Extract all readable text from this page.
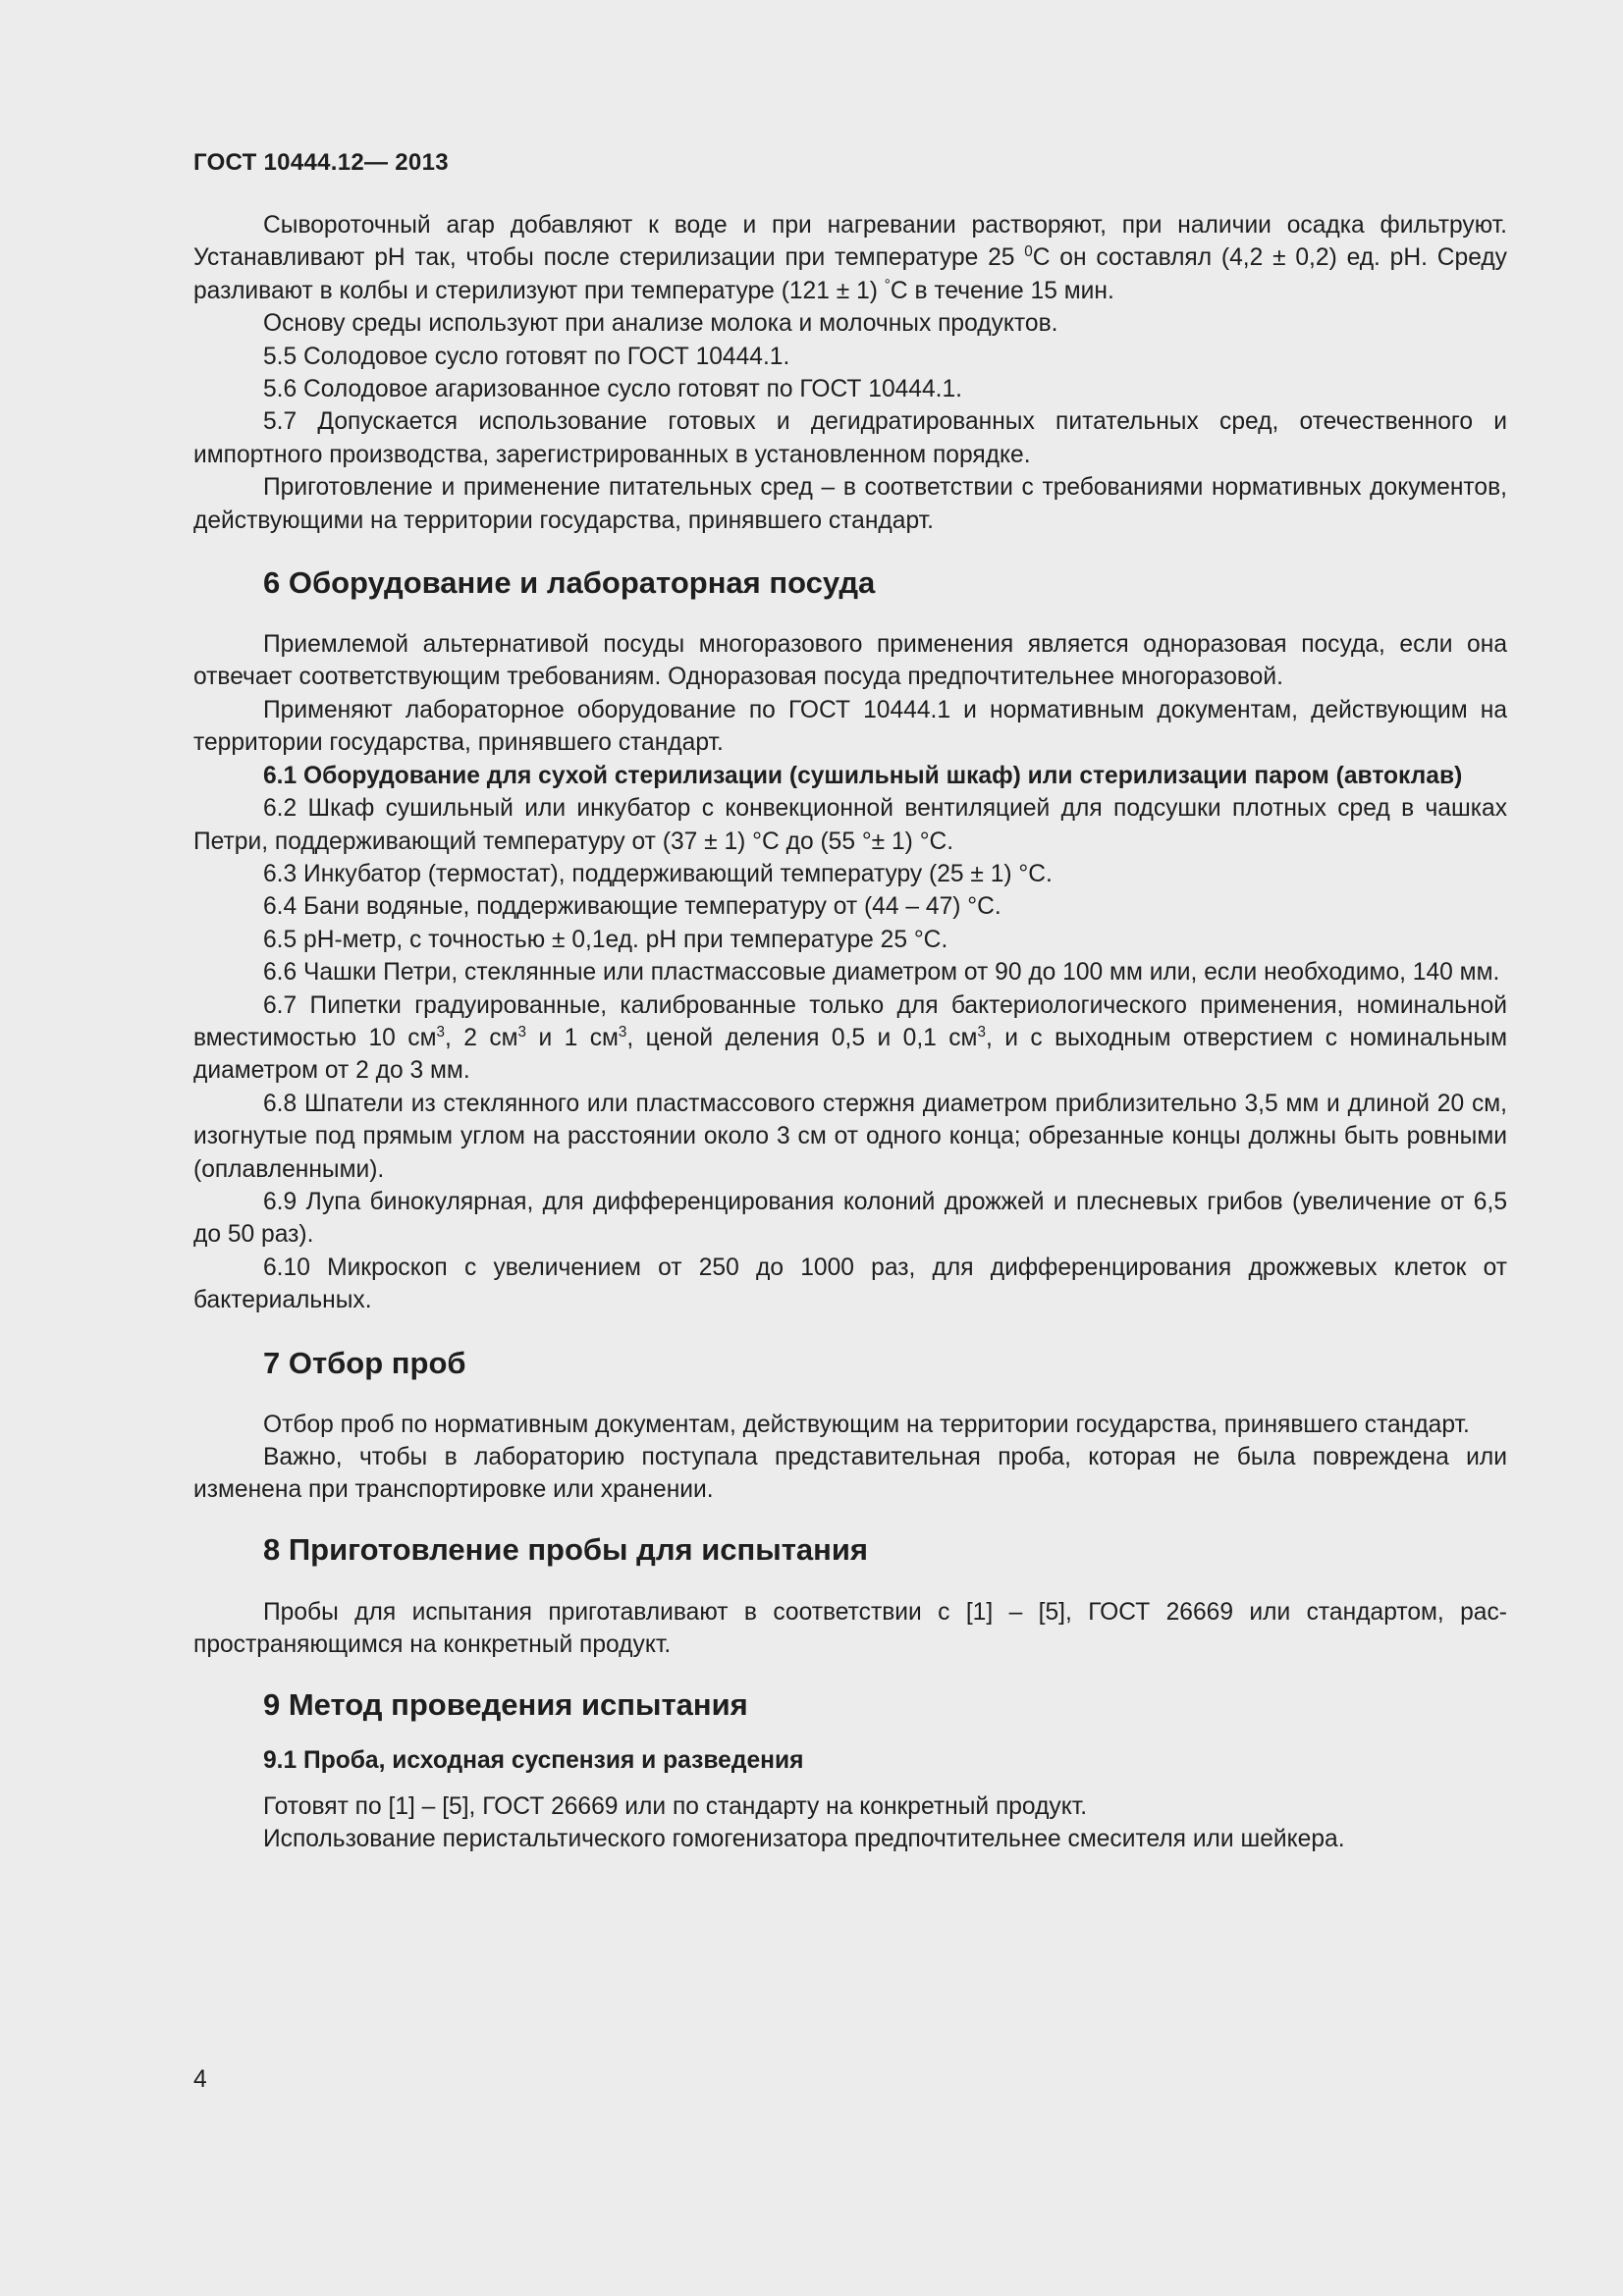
ГОСТ 10444.12— 2013

Сывороточный агар добавляют к воде и при нагревании растворяют, при наличии осадка фильтруют. Устанавливают рН так, чтобы после стерилизации при температуре 25 $^0$С он составлял (4,2 ± 0,2) ед. рН. Среду разливают в колбы и стерилизуют при температуре (121 ± 1) °С в течение 15 мин.

Основу среды используют при анализе молока и молочных продуктов.

5.5 Солодовое сусло готовят по ГОСТ 10444.1.

5.6 Солодовое агаризованное сусло готовят по ГОСТ 10444.1.

5.7 Допускается использование готовых и дегидратированных питательных сред, отечественного и импортного производства, зарегистрированных в установленном порядке.

Приготовление и применение питательных сред – в соответствии с требованиями нормативных документов, действующими на территории государства, принявшего стандарт.

6 Оборудование и лабораторная посуда

Приемлемой альтернативой посуды многоразового применения является одноразовая посуда, если она отвечает соответствующим требованиям. Одноразовая посуда предпочтительнее многоразовой.

Применяют лабораторное оборудование по ГОСТ 10444.1 и нормативным документам, действующим на территории государства, принявшего стандарт.

6.1 Оборудование для сухой стерилизации (сушильный шкаф) или стерилизации паром (автоклав)

6.2 Шкаф сушильный или инкубатор с конвекционной вентиляцией для подсушки плотных сред в чашках Петри, поддерживающий температуру от (37 ± 1) °С до (55 °± 1) °С.

6.3 Инкубатор (термостат), поддерживающий температуру (25 ± 1) °С.

6.4 Бани водяные, поддерживающие температуру от (44 – 47) °С.

6.5 рН-метр, с точностью ± 0,1ед. рН при температуре 25 °С.

6.6 Чашки Петри, стеклянные или пластмассовые диаметром от 90 до 100 мм или, если необходимо, 140 мм.

6.7 Пипетки градуированные, калиброванные только для бактериологического применения, номинальной вместимостью 10 $см^3$, 2 $см^3$ и 1 $см^3$, ценой деления 0,5 и 0,1 $см^3$, и с выходным отверстием с номинальным диаметром от 2 до 3 мм.

6.8 Шпатели из стеклянного или пластмассового стержня диаметром приблизительно 3,5 мм и длиной 20 см, изогнутые под прямым углом на расстоянии около 3 см от одного конца; обрезанные концы должны быть ровными (оплавленными).

6.9 Лупа бинокулярная, для дифференцирования колоний дрожжей и плесневых грибов (увеличение от 6,5 до 50 раз).

6.10 Микроскоп с увеличением от 250 до 1000 раз, для дифференцирования дрожжевых клеток от бактериальных.

7 Отбор проб

Отбор проб по нормативным документам, действующим на территории государства, принявшего стандарт.

Важно, чтобы в лабораторию поступала представительная проба, которая не была повреждена или изменена при транспортировке или хранении.

8 Приготовление пробы для испытания

Пробы для испытания приготавливают в соответствии с [1] – [5], ГОСТ 26669 или стандартом, распространяющимся на конкретный продукт.

9 Метод проведения испытания
9.1 Проба, исходная суспензия и разведения

Готовят по [1] – [5], ГОСТ 26669 или по стандарту на конкретный продукт.

Использование перистальтического гомогенизатора предпочтительнее смесителя или шейкера.

4
